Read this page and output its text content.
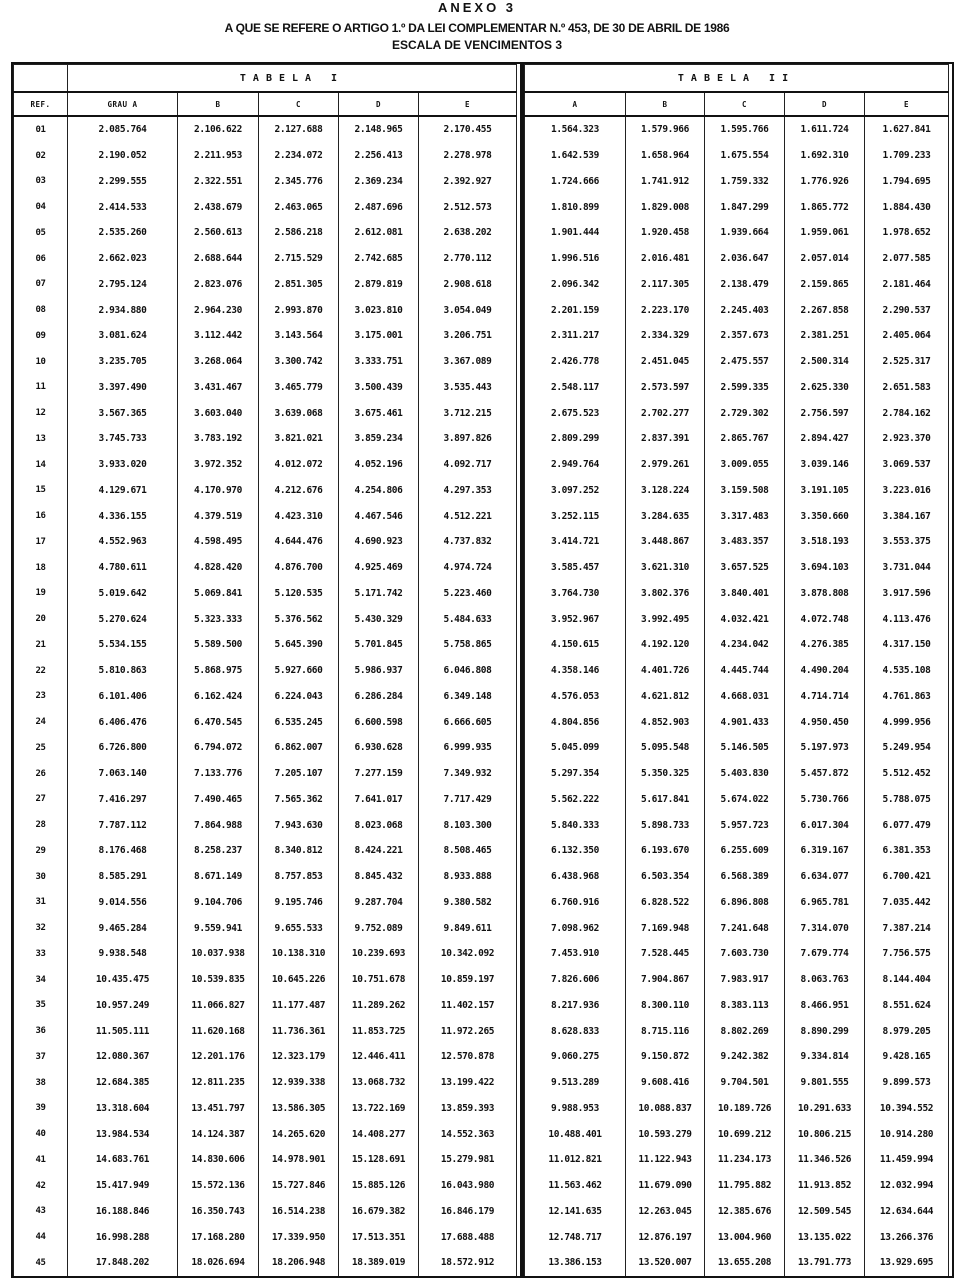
ANEXO 3
A QUE SE REFERE O ARTIGO 1.º DA LEI COMPLEMENTAR N.º 453, DE 30 DE ABRIL DE 1986
ESCALA DE VENCIMENTOS 3
	TABELA I				
REF.	GRAU A	B	C	D	E
01	2.085.764	2.106.622	2.127.688	2.148.965	2.170.455
02	2.190.052	2.211.953	2.234.072	2.256.413	2.278.978
03	2.299.555	2.322.551	2.345.776	2.369.234	2.392.927
04	2.414.533	2.438.679	2.463.065	2.487.696	2.512.573
05	2.535.260	2.560.613	2.586.218	2.612.081	2.638.202
06	2.662.023	2.688.644	2.715.529	2.742.685	2.770.112
07	2.795.124	2.823.076	2.851.305	2.879.819	2.908.618
08	2.934.880	2.964.230	2.993.870	3.023.810	3.054.049
09	3.081.624	3.112.442	3.143.564	3.175.001	3.206.751
10	3.235.705	3.268.064	3.300.742	3.333.751	3.367.089
11	3.397.490	3.431.467	3.465.779	3.500.439	3.535.443
12	3.567.365	3.603.040	3.639.068	3.675.461	3.712.215
13	3.745.733	3.783.192	3.821.021	3.859.234	3.897.826
14	3.933.020	3.972.352	4.012.072	4.052.196	4.092.717
15	4.129.671	4.170.970	4.212.676	4.254.806	4.297.353
16	4.336.155	4.379.519	4.423.310	4.467.546	4.512.221
17	4.552.963	4.598.495	4.644.476	4.690.923	4.737.832
18	4.780.611	4.828.420	4.876.700	4.925.469	4.974.724
19	5.019.642	5.069.841	5.120.535	5.171.742	5.223.460
20	5.270.624	5.323.333	5.376.562	5.430.329	5.484.633
21	5.534.155	5.589.500	5.645.390	5.701.845	5.758.865
22	5.810.863	5.868.975	5.927.660	5.986.937	6.046.808
23	6.101.406	6.162.424	6.224.043	6.286.284	6.349.148
24	6.406.476	6.470.545	6.535.245	6.600.598	6.666.605
25	6.726.800	6.794.072	6.862.007	6.930.628	6.999.935
26	7.063.140	7.133.776	7.205.107	7.277.159	7.349.932
27	7.416.297	7.490.465	7.565.362	7.641.017	7.717.429
28	7.787.112	7.864.988	7.943.630	8.023.068	8.103.300
29	8.176.468	8.258.237	8.340.812	8.424.221	8.508.465
30	8.585.291	8.671.149	8.757.853	8.845.432	8.933.888
31	9.014.556	9.104.706	9.195.746	9.287.704	9.380.582
32	9.465.284	9.559.941	9.655.533	9.752.089	9.849.611
33	9.938.548	10.037.938	10.138.310	10.239.693	10.342.092
34	10.435.475	10.539.835	10.645.226	10.751.678	10.859.197
35	10.957.249	11.066.827	11.177.487	11.289.262	11.402.157
36	11.505.111	11.620.168	11.736.361	11.853.725	11.972.265
37	12.080.367	12.201.176	12.323.179	12.446.411	12.570.878
38	12.684.385	12.811.235	12.939.338	13.068.732	13.199.422
39	13.318.604	13.451.797	13.586.305	13.722.169	13.859.393
40	13.984.534	14.124.387	14.265.620	14.408.277	14.552.363
41	14.683.761	14.830.606	14.978.901	15.128.691	15.279.981
42	15.417.949	15.572.136	15.727.846	15.885.126	16.043.980
43	16.188.846	16.350.743	16.514.238	16.679.382	16.846.179
44	16.998.288	17.168.280	17.339.950	17.513.351	17.688.488
45	17.848.202	18.026.694	18.206.948	18.389.019	18.572.912
TABELA II				
A	B	C	D	E
1.564.323	1.579.966	1.595.766	1.611.724	1.627.841
1.642.539	1.658.964	1.675.554	1.692.310	1.709.233
1.724.666	1.741.912	1.759.332	1.776.926	1.794.695
1.810.899	1.829.008	1.847.299	1.865.772	1.884.430
1.901.444	1.920.458	1.939.664	1.959.061	1.978.652
1.996.516	2.016.481	2.036.647	2.057.014	2.077.585
2.096.342	2.117.305	2.138.479	2.159.865	2.181.464
2.201.159	2.223.170	2.245.403	2.267.858	2.290.537
2.311.217	2.334.329	2.357.673	2.381.251	2.405.064
2.426.778	2.451.045	2.475.557	2.500.314	2.525.317
2.548.117	2.573.597	2.599.335	2.625.330	2.651.583
2.675.523	2.702.277	2.729.302	2.756.597	2.784.162
2.809.299	2.837.391	2.865.767	2.894.427	2.923.370
2.949.764	2.979.261	3.009.055	3.039.146	3.069.537
3.097.252	3.128.224	3.159.508	3.191.105	3.223.016
3.252.115	3.284.635	3.317.483	3.350.660	3.384.167
3.414.721	3.448.867	3.483.357	3.518.193	3.553.375
3.585.457	3.621.310	3.657.525	3.694.103	3.731.044
3.764.730	3.802.376	3.840.401	3.878.808	3.917.596
3.952.967	3.992.495	4.032.421	4.072.748	4.113.476
4.150.615	4.192.120	4.234.042	4.276.385	4.317.150
4.358.146	4.401.726	4.445.744	4.490.204	4.535.108
4.576.053	4.621.812	4.668.031	4.714.714	4.761.863
4.804.856	4.852.903	4.901.433	4.950.450	4.999.956
5.045.099	5.095.548	5.146.505	5.197.973	5.249.954
5.297.354	5.350.325	5.403.830	5.457.872	5.512.452
5.562.222	5.617.841	5.674.022	5.730.766	5.788.075
5.840.333	5.898.733	5.957.723	6.017.304	6.077.479
6.132.350	6.193.670	6.255.609	6.319.167	6.381.353
6.438.968	6.503.354	6.568.389	6.634.077	6.700.421
6.760.916	6.828.522	6.896.808	6.965.781	7.035.442
7.098.962	7.169.948	7.241.648	7.314.070	7.387.214
7.453.910	7.528.445	7.603.730	7.679.774	7.756.575
7.826.606	7.904.867	7.983.917	8.063.763	8.144.404
8.217.936	8.300.110	8.383.113	8.466.951	8.551.624
8.628.833	8.715.116	8.802.269	8.890.299	8.979.205
9.060.275	9.150.872	9.242.382	9.334.814	9.428.165
9.513.289	9.608.416	9.704.501	9.801.555	9.899.573
9.988.953	10.088.837	10.189.726	10.291.633	10.394.552
10.488.401	10.593.279	10.699.212	10.806.215	10.914.280
11.012.821	11.122.943	11.234.173	11.346.526	11.459.994
11.563.462	11.679.090	11.795.882	11.913.852	12.032.994
12.141.635	12.263.045	12.385.676	12.509.545	12.634.644
12.748.717	12.876.197	13.004.960	13.135.022	13.266.376
13.386.153	13.520.007	13.655.208	13.791.773	13.929.695
